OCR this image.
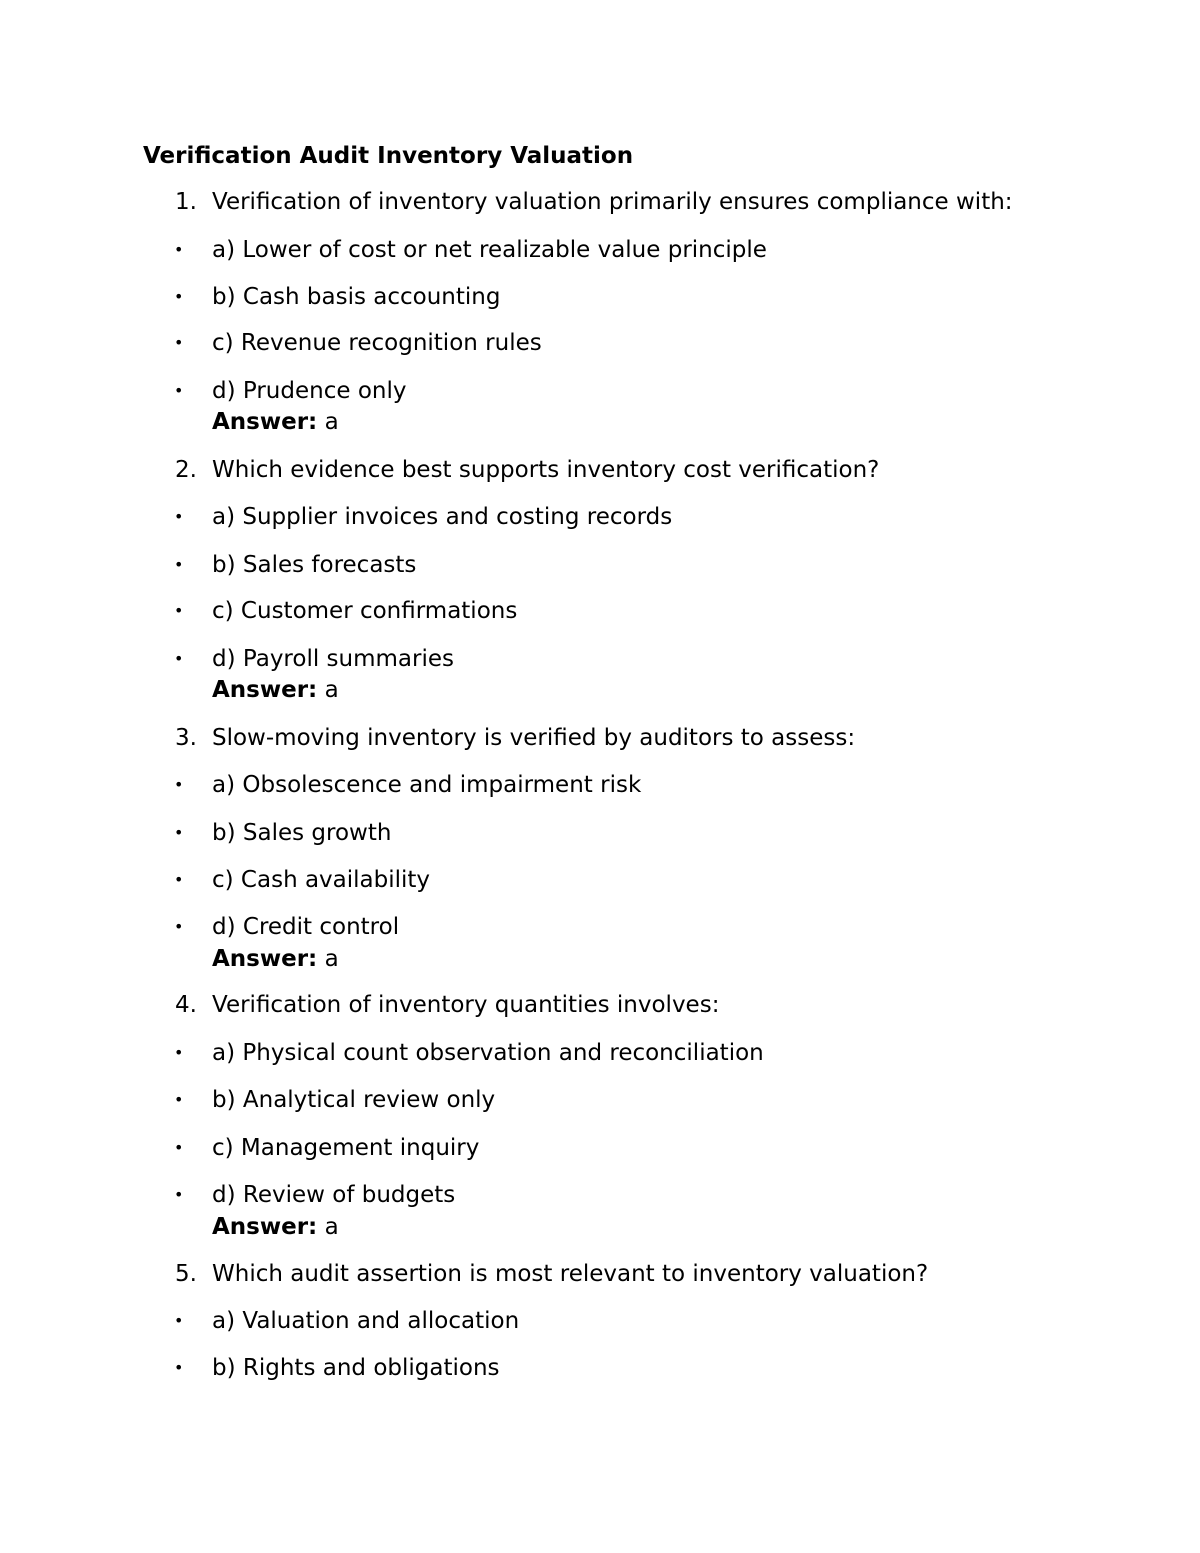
Verification Audit Inventory Valuation
1. Verification of inventory valuation primarily ensures compliance with:
• a) Lower of cost or net realizable value principle
• b) Cash basis accounting
• c) Revenue recognition rules
• d) Prudence only
Answer: a
2. Which evidence best supports inventory cost verification?
• a) Supplier invoices and costing records
• b) Sales forecasts
• c) Customer confirmations
• d) Payroll summaries
Answer: a
3. Slow-moving inventory is verified by auditors to assess:
• a) Obsolescence and impairment risk
• b) Sales growth
• c) Cash availability
• d) Credit control
Answer: a
4. Verification of inventory quantities involves:
• a) Physical count observation and reconciliation
• b) Analytical review only
• c) Management inquiry
• d) Review of budgets
Answer: a
5. Which audit assertion is most relevant to inventory valuation?
• a) Valuation and allocation
• b) Rights and obligations
